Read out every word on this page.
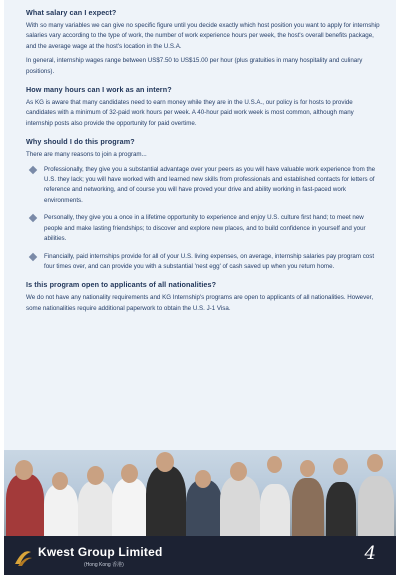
What salary can I expect?

With so many variables we can give no specific figure until you decide exactly which host position you want to apply for internship salaries vary according to the type of work, the number of work experience hours per week, the host's overall benefits package, and the average wage at the host's location in the U.S.A.

In general, internship wages range between US$7.50 to US$15.00 per hour (plus gratuities in many hospitality and culinary positions).

How many hours can I work as an intern?

As KG is aware that many candidates need to earn money while they are in the U.S.A., our policy is for hosts to provide candidates with a minimum of 32-paid work hours per week. A 40-hour paid work week is most common, although many internship posts also provide the opportunity for paid overtime.

Why should I do this program?

There are many reasons to join a program...

Professionally, they give you a substantial advantage over your peers as you will have valuable work experience from the U.S. they lack; you will have worked with and learned new skills from professionals and established contacts for letters of reference and networking, and of course you will have proved your drive and ability working in fast-paced work environments.
Personally, they give you a once in a lifetime opportunity to experience and enjoy U.S. culture first hand; to meet new people and make lasting friendships; to discover and explore new places, and to build confidence in yourself and your abilities.
Financially, paid internships provide for all of your U.S. living expenses, on average, internship salaries pay program cost four times over, and can provide you with a substantial 'nest egg' of cash saved up when you return home.
Is this program open to applicants of all nationalities?

We do not have any nationality requirements and KG Internship's programs are open to applicants of all nationalities. However, some nationalities require additional paperwork to obtain the U.S. J-1 Visa.

Kwest Group Limited
(Hong Kong 香港)
4
